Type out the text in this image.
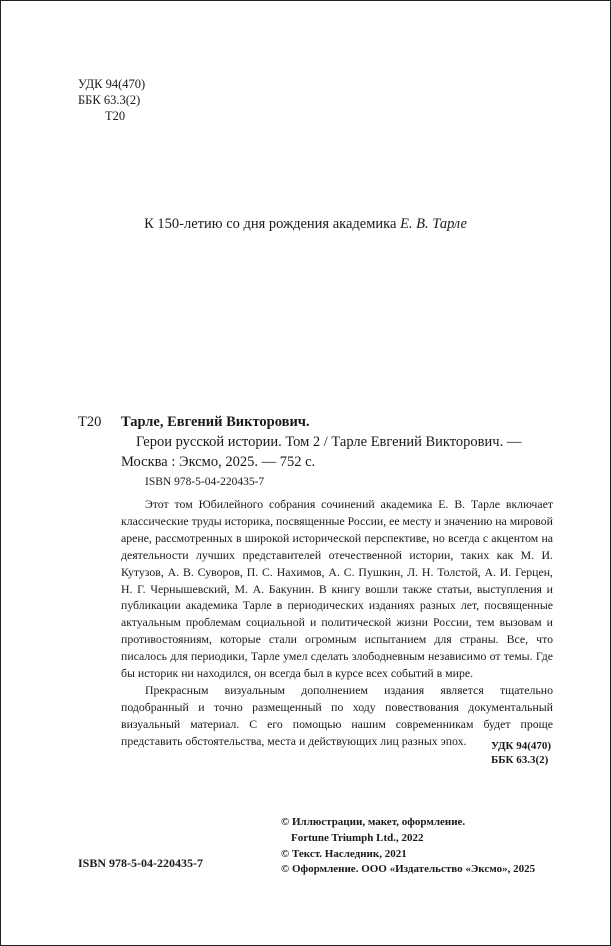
УДК 94(470)
ББК 63.3(2)
Т20
К 150-летию со дня рождения академика Е. В. Тарле
Т20 Тарле, Евгений Викторович.
Герои русской истории. Том 2 / Тарле Евгений Викторович. —
Москва : Эксмо, 2025. — 752 с.
ISBN 978-5-04-220435-7

Этот том Юбилейного собрания сочинений академика Е. В. Тарле включает классические труды историка, посвященные России, ее месту и значению на мировой арене, рассмотренных в широкой исторической перспективе, но всегда с акцентом на деятельности лучших представителей отечественной истории, таких как М. И. Кутузов, А. В. Суворов, П. С. Нахимов, А. С. Пушкин, Л. Н. Толстой, А. И. Герцен, Н. Г. Чернышевский, М. А. Бакунин. В книгу вошли также статьи, выступления и публикации академика Тарле в периодических изданиях разных лет, посвященные актуальным проблемам социальной и политической жизни России, тем вызовам и противостояниям, которые стали огромным испытанием для страны. Все, что писалось для периодики, Тарле умел сделать злободневным независимо от темы. Где бы историк ни находился, он всегда был в курсе всех событий в мире.

Прекрасным визуальным дополнением издания является тщательно подобранный и точно размещенный по ходу повествования документальный визуальный материал. С его помощью нашим современникам будет проще представить обстоятельства, места и действующих лиц разных эпох.	УДК 94(470)
ББК 63.3(2)
© Иллюстрации, макет, оформление.
Fortune Triumph Ltd., 2022
© Текст. Наследник, 2021
© Оформление. ООО «Издательство «Эксмо», 2025
ISBN 978-5-04-220435-7
